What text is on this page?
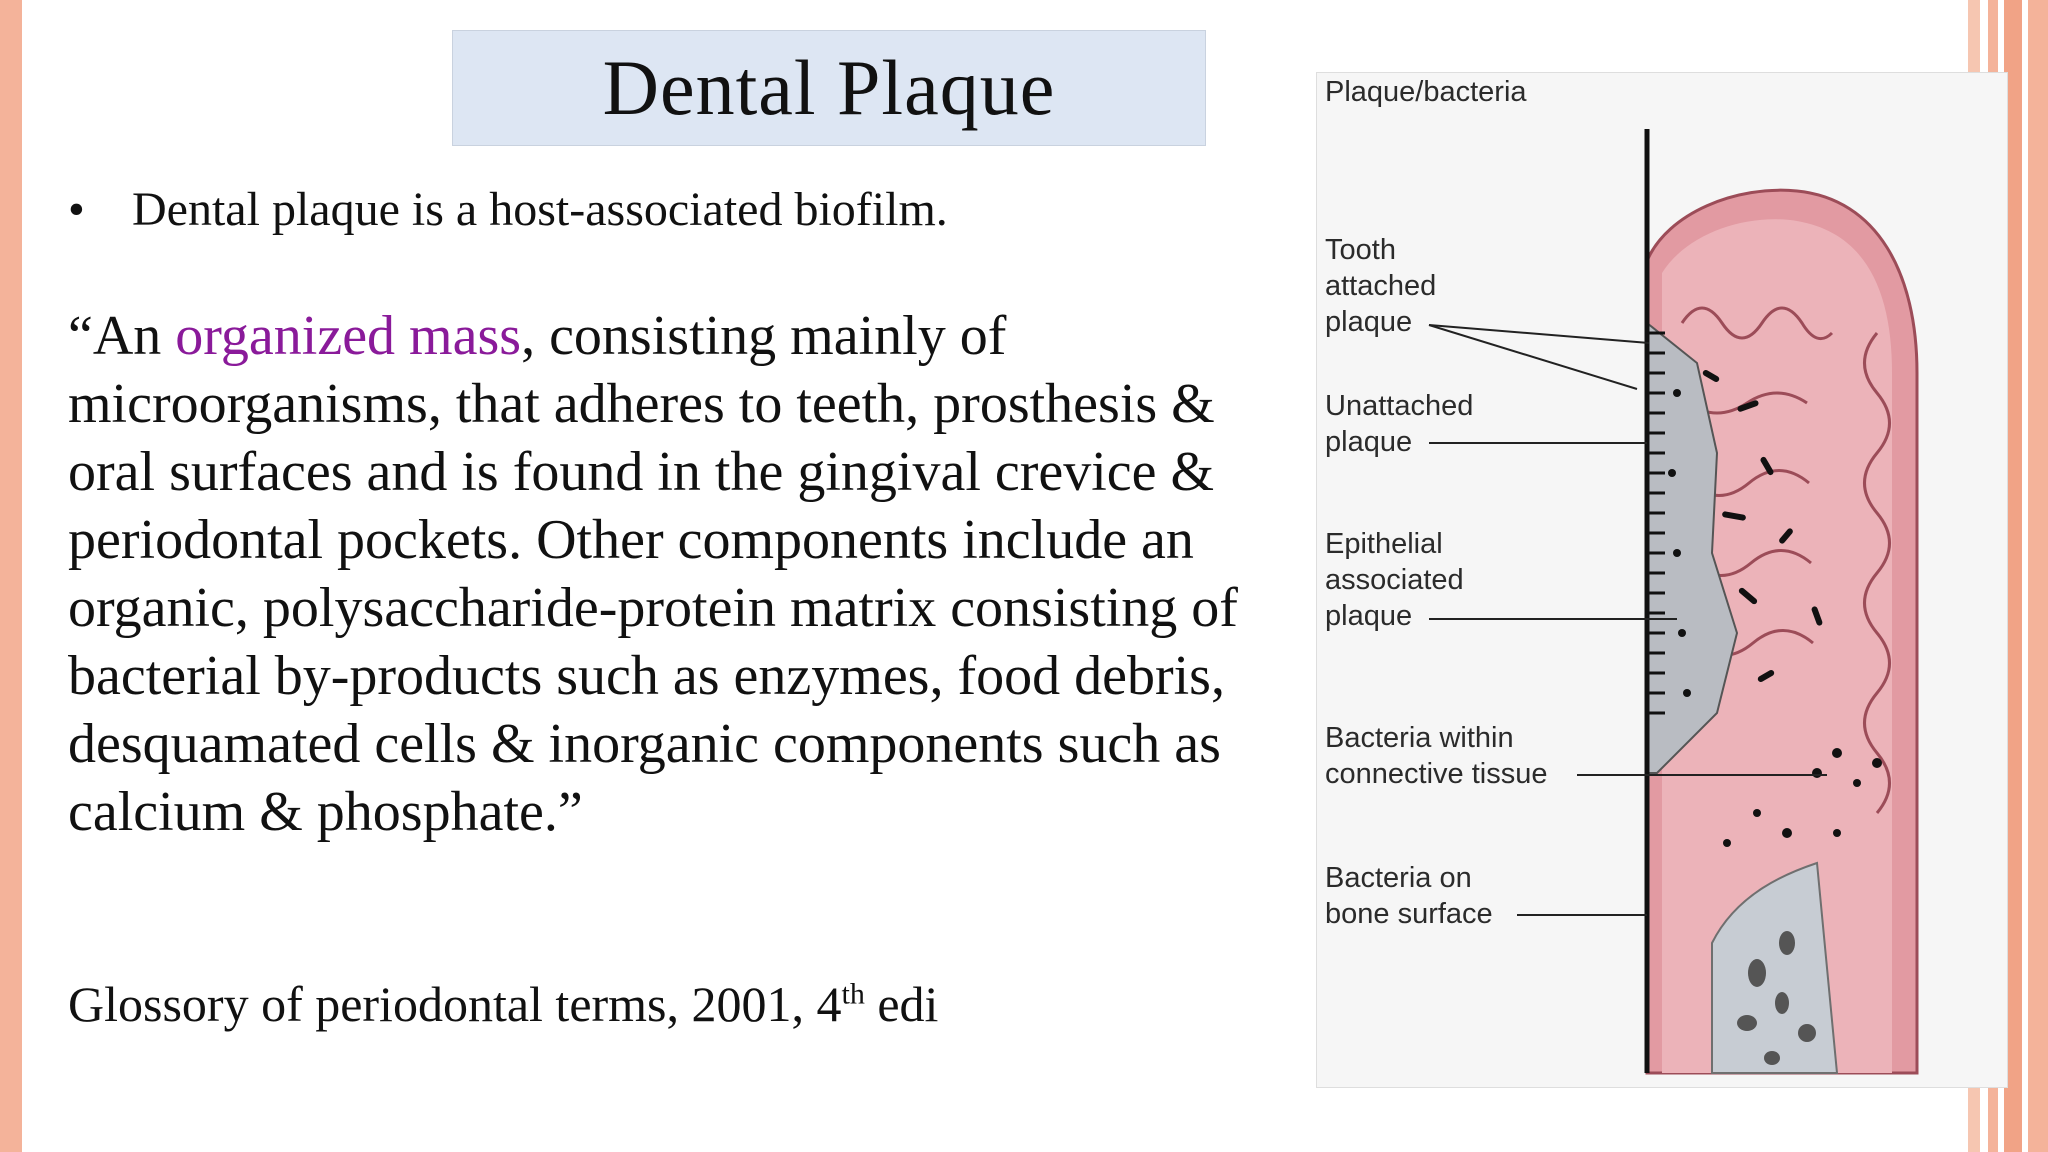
Dental Plaque
• Dental plaque is a host-associated biofilm.
“An organized mass, consisting mainly of microorganisms, that adheres to teeth, prosthesis & oral surfaces and is found in the gingival crevice & periodontal pockets. Other components include an organic, polysaccharide-protein matrix consisting of bacterial by-products such as enzymes, food debris, desquamated cells & inorganic components such as calcium & phosphate.”
Glossory of periodontal terms, 2001, 4th edi
Plaque/bacteria
Tooth
attached
plaque
Unattached
plaque
Epithelial
associated
plaque
Bacteria within
connective tissue
Bacteria on
bone surface
